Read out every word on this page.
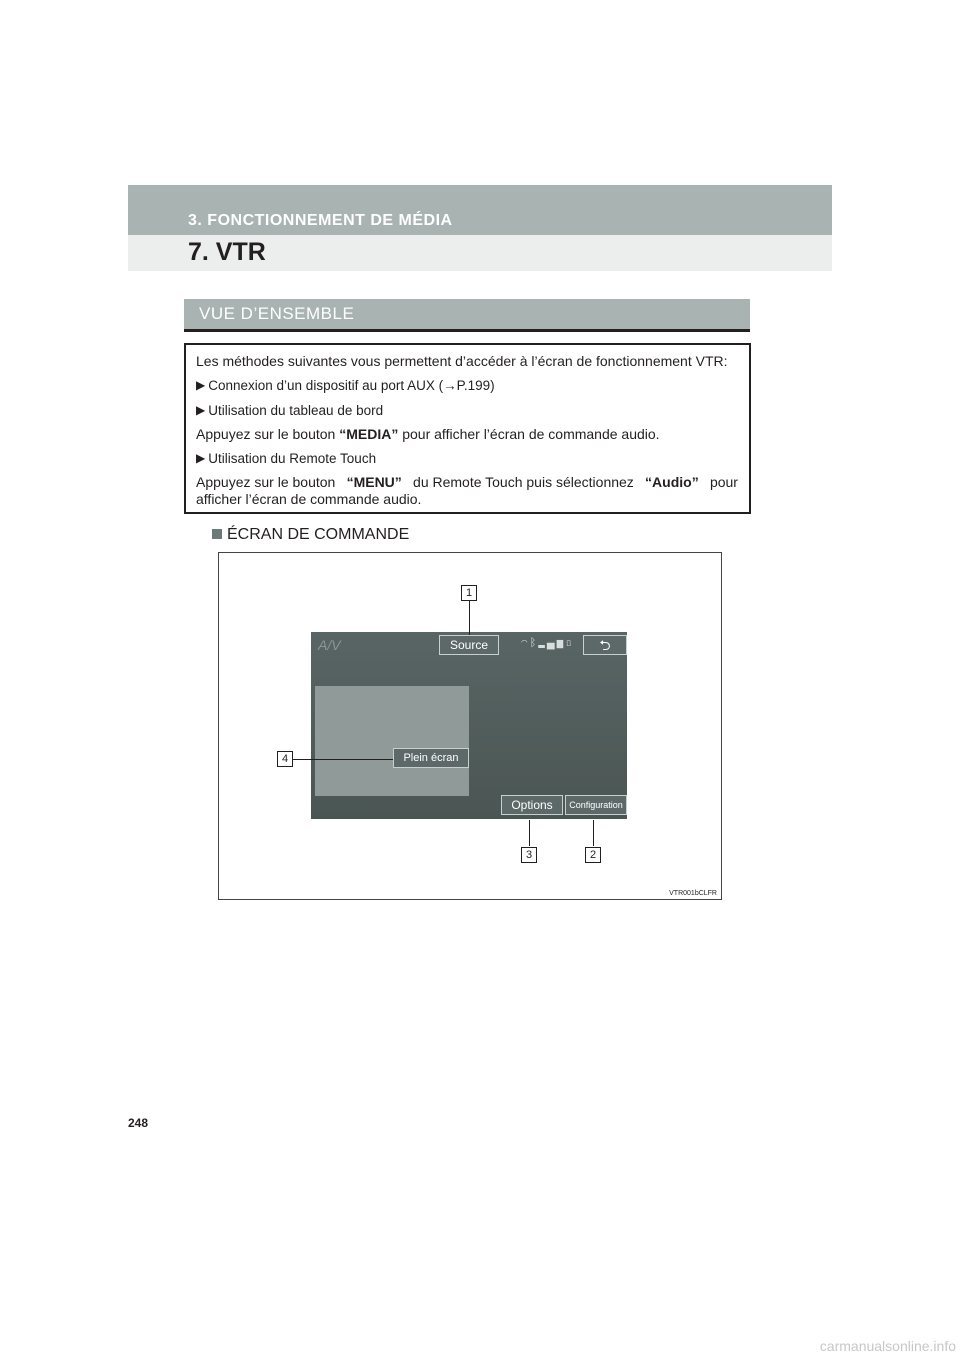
3. FONCTIONNEMENT DE MÉDIA
7. VTR
VUE D’ENSEMBLE
Les méthodes suivantes vous permettent d’accéder à l’écran de fonctionnement VTR:
▶ Connexion d’un dispositif au port AUX (→P.199)
▶ Utilisation du tableau de bord
Appuyez sur le bouton “MEDIA” pour afficher l’écran de commande audio.
▶ Utilisation du Remote Touch
Appuyez sur le bouton “MENU” du Remote Touch puis sélectionnez “Audio” pour
afficher l’écran de commande audio.
ÉCRAN DE COMMANDE
A/V	Source	◠ᛒ▂▄▆▯	⮌
Plein écran
Options	Configuration
1
2
3
4
VTR001bCLFR
248
carmanualsonline.info
